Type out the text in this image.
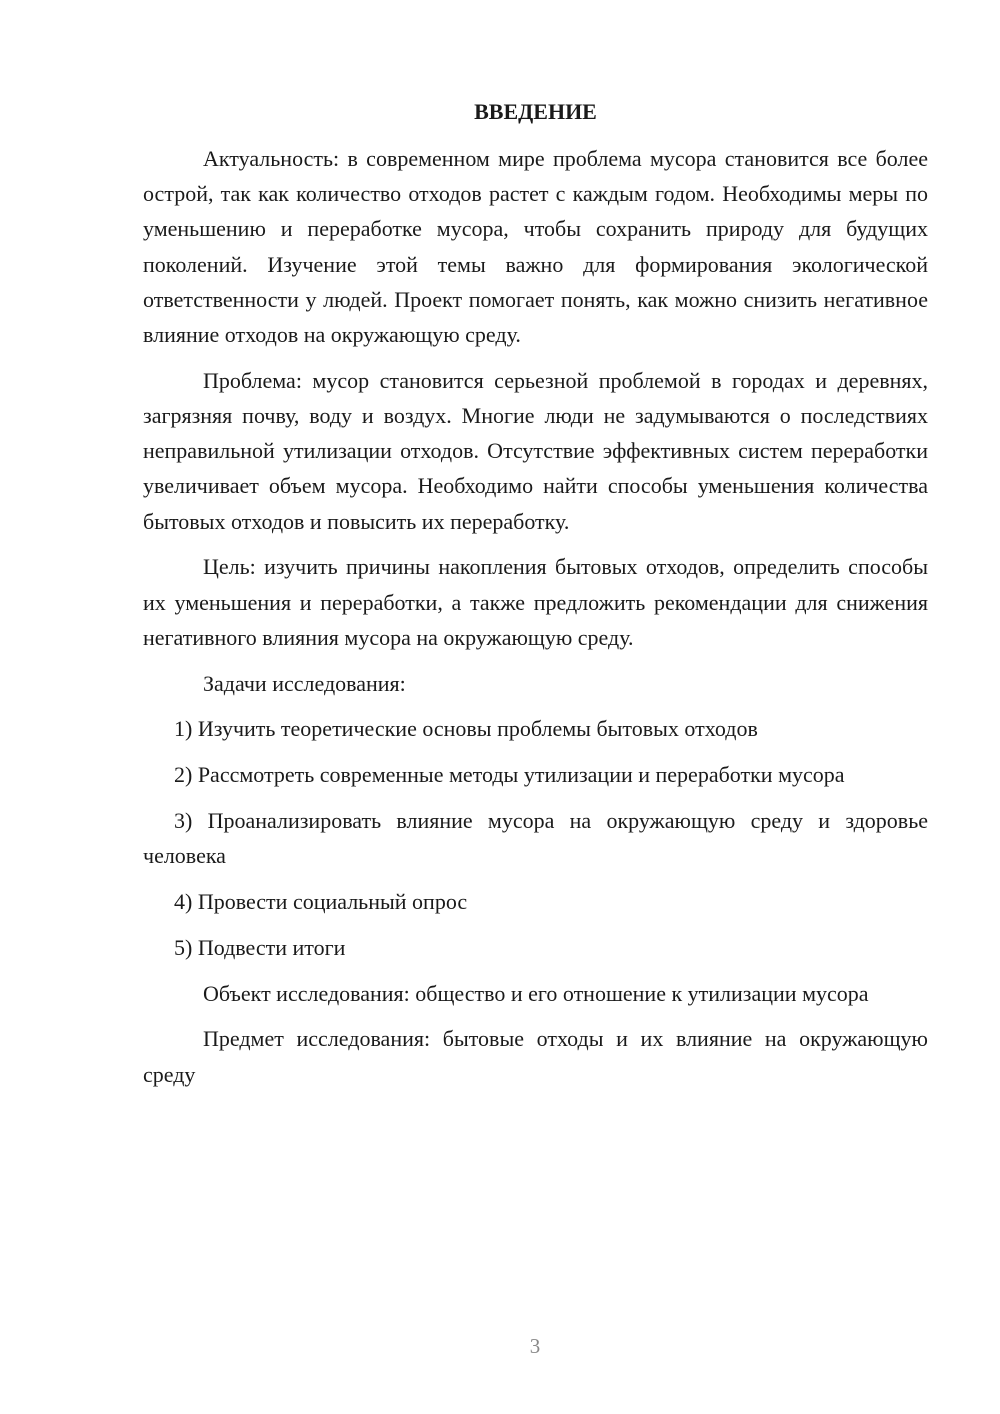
ВВЕДЕНИЕ

Актуальность: в современном мире проблема мусора становится все более острой, так как количество отходов растет с каждым годом. Необходимы меры по уменьшению и переработке мусора, чтобы сохранить природу для будущих поколений. Изучение этой темы важно для формирования экологической ответственности у людей. Проект помогает понять, как можно снизить негативное влияние отходов на окружающую среду.

Проблема: мусор становится серьезной проблемой в городах и деревнях, загрязняя почву, воду и воздух. Многие люди не задумываются о последствиях неправильной утилизации отходов. Отсутствие эффективных систем переработки увеличивает объем мусора. Необходимо найти способы уменьшения количества бытовых отходов и повысить их переработку.

Цель: изучить причины накопления бытовых отходов, определить способы их уменьшения и переработки, а также предложить рекомендации для снижения негативного влияния мусора на окружающую среду.

Задачи исследования:

1) Изучить теоретические основы проблемы бытовых отходов

2) Рассмотреть современные методы утилизации и переработки мусора

3) Проанализировать влияние мусора на окружающую среду и здоровье человека

4) Провести социальный опрос

5) Подвести итоги

Объект исследования: общество и его отношение к утилизации мусора

Предмет исследования: бытовые отходы и их влияние на окружающую среду

3
